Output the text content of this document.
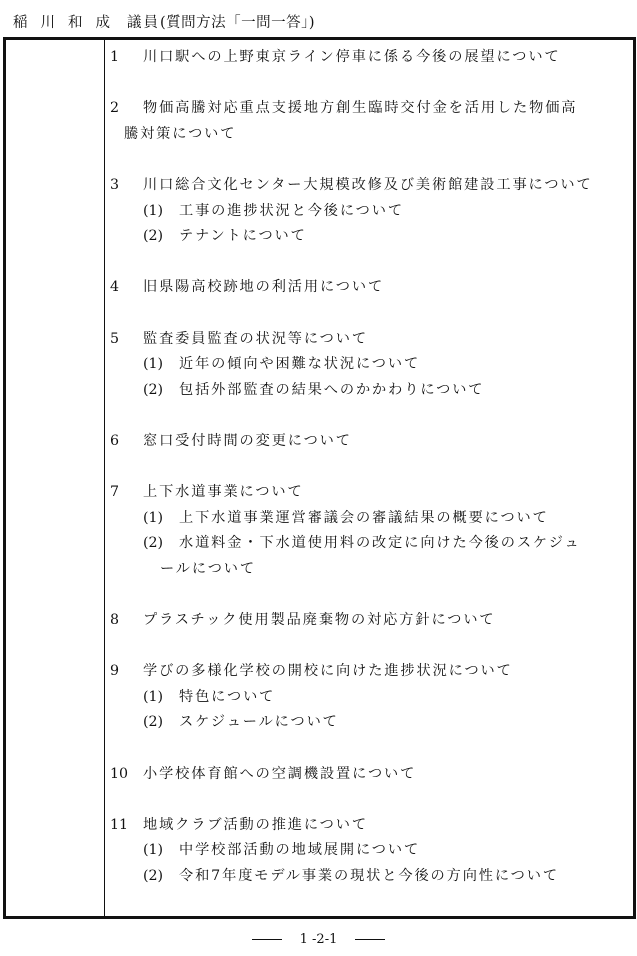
稲川和成 議員(質問方法「一問一答」)
1 川口駅への上野東京ライン停車に係る今後の展望について
2 物価高騰対応重点支援地方創生臨時交付金を活用した物価高
騰対策について
3 川口総合文化センター大規模改修及び美術館建設工事について
(1) 工事の進捗状況と今後について
(2) テナントについて
4 旧県陽高校跡地の利活用について
5 監査委員監査の状況等について
(1) 近年の傾向や困難な状況について
(2) 包括外部監査の結果へのかかわりについて
6 窓口受付時間の変更について
7 上下水道事業について
(1) 上下水道事業運営審議会の審議結果の概要について
(2) 水道料金・下水道使用料の改定に向けた今後のスケジュ
ールについて
8 プラスチック使用製品廃棄物の対応方針について
9 学びの多様化学校の開校に向けた進捗状況について
(1) 特色について
(2) スケジュールについて
10 小学校体育館への空調機設置について
11 地域クラブ活動の推進について
(1) 中学校部活動の地域展開について
(2) 令和7年度モデル事業の現状と今後の方向性について
1 -2-1
